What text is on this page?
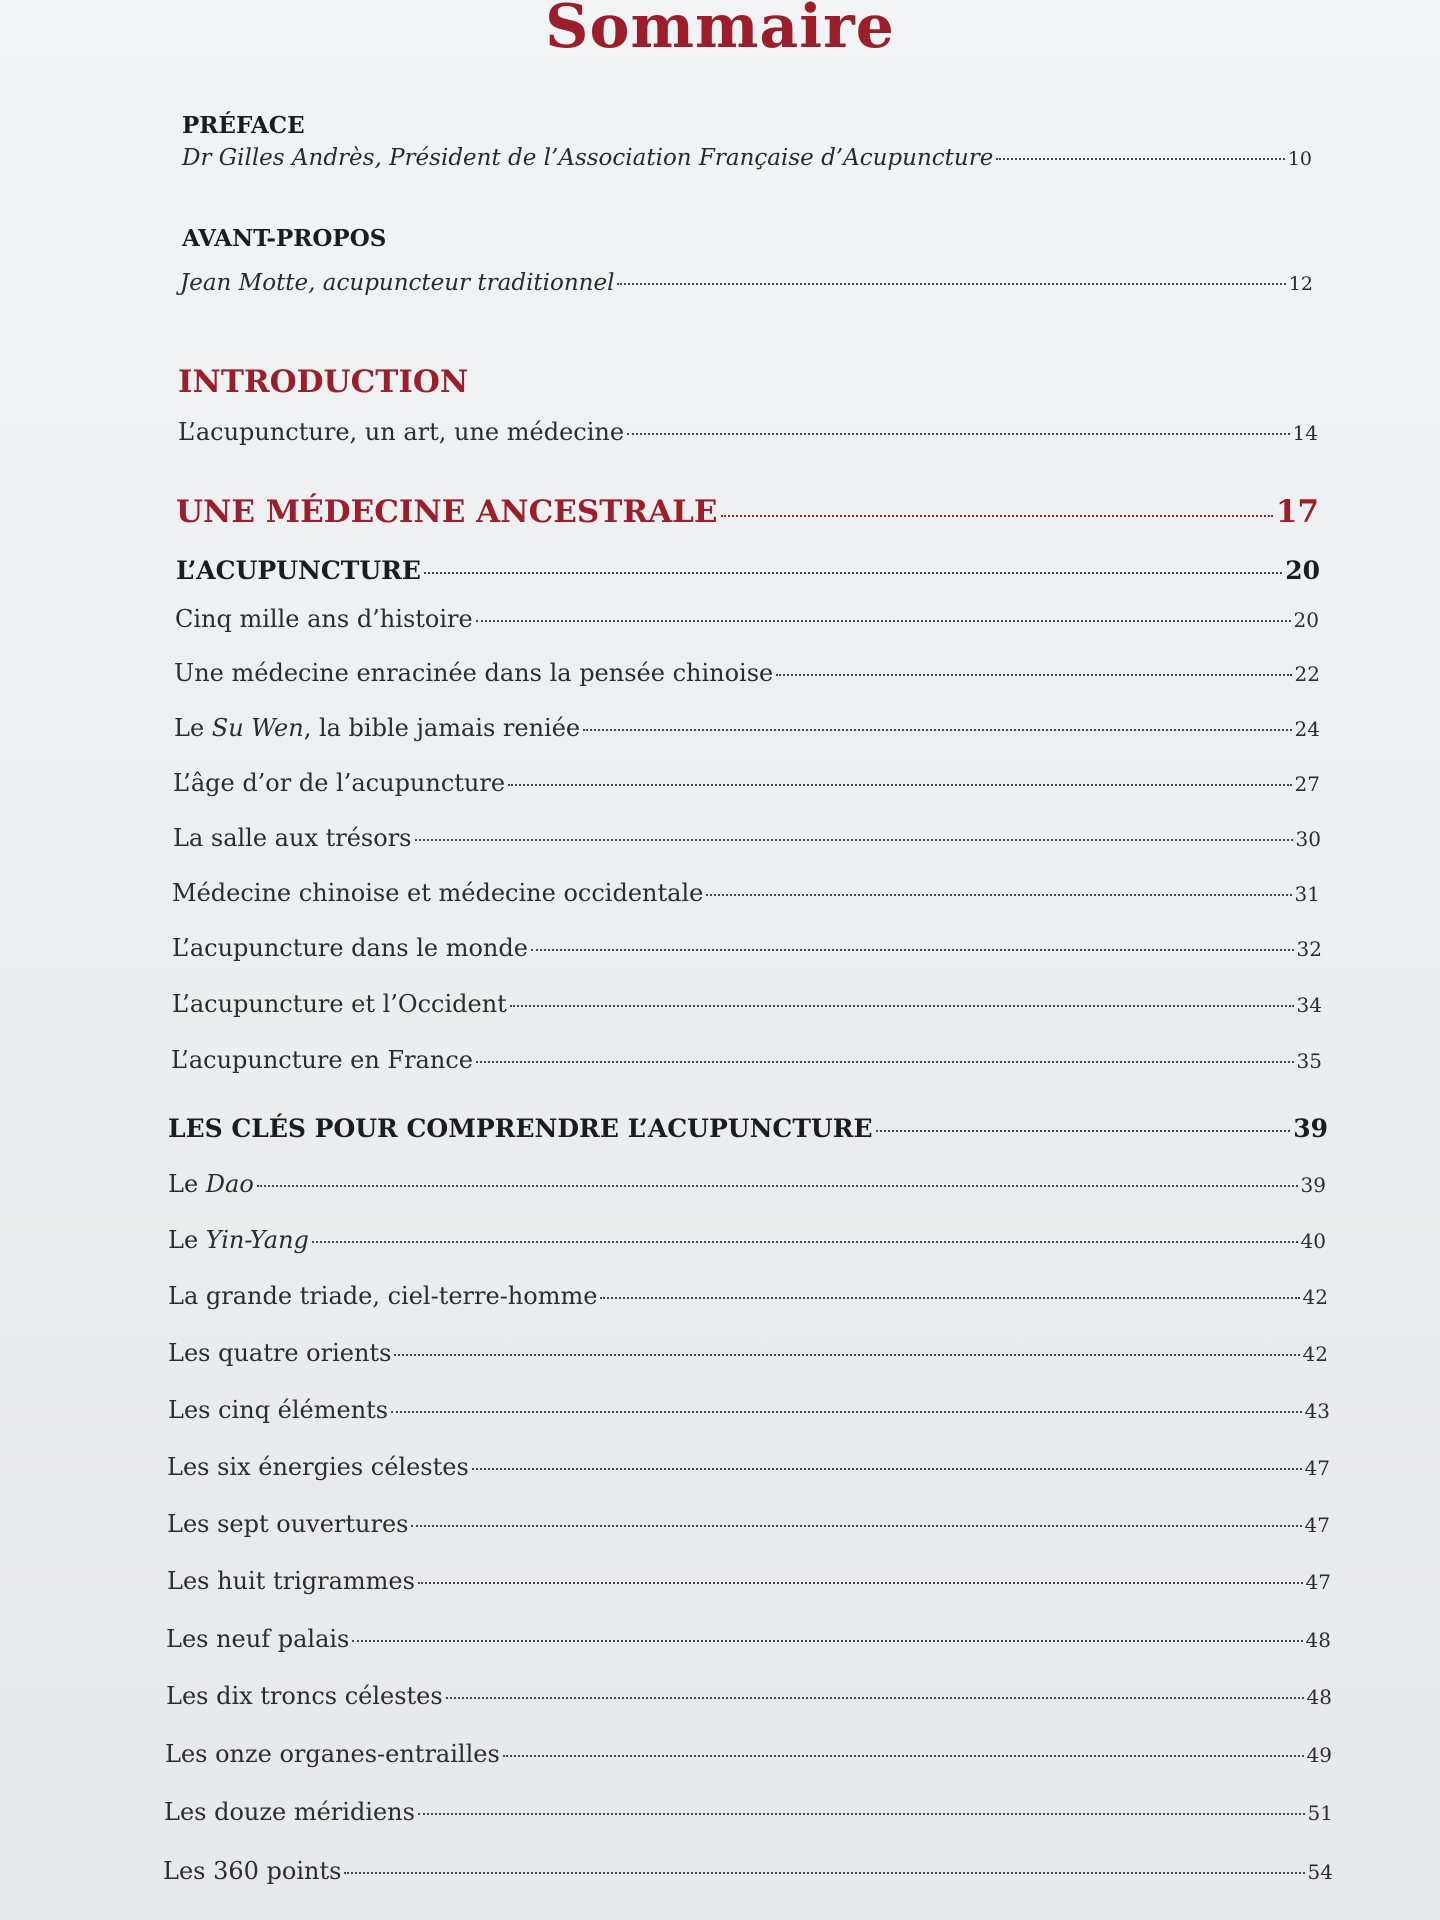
Sommaire
PRÉFACE
Dr Gilles Andrès, Président de l’Association Française d’Acupuncture	10
AVANT-PROPOS
Jean Motte, acupuncteur traditionnel	12
INTRODUCTION
L’acupuncture, un art, une médecine	14
UNE MÉDECINE ANCESTRALE	17
L’ACUPUNCTURE	20
Cinq mille ans d’histoire	20
Une médecine enracinée dans la pensée chinoise	22
Le Su Wen, la bible jamais reniée	24
L’âge d’or de l’acupuncture	27
La salle aux trésors	30
Médecine chinoise et médecine occidentale	31
L’acupuncture dans le monde	32
L’acupuncture et l’Occident	34
L’acupuncture en France	35
LES CLÉS POUR COMPRENDRE L’ACUPUNCTURE	39
Le Dao	39
Le Yin-Yang	40
La grande triade, ciel-terre-homme	42
Les quatre orients	42
Les cinq éléments	43
Les six énergies célestes	47
Les sept ouvertures	47
Les huit trigrammes	47
Les neuf palais	48
Les dix troncs célestes	48
Les onze organes-entrailles	49
Les douze méridiens	51
Les 360 points	54
